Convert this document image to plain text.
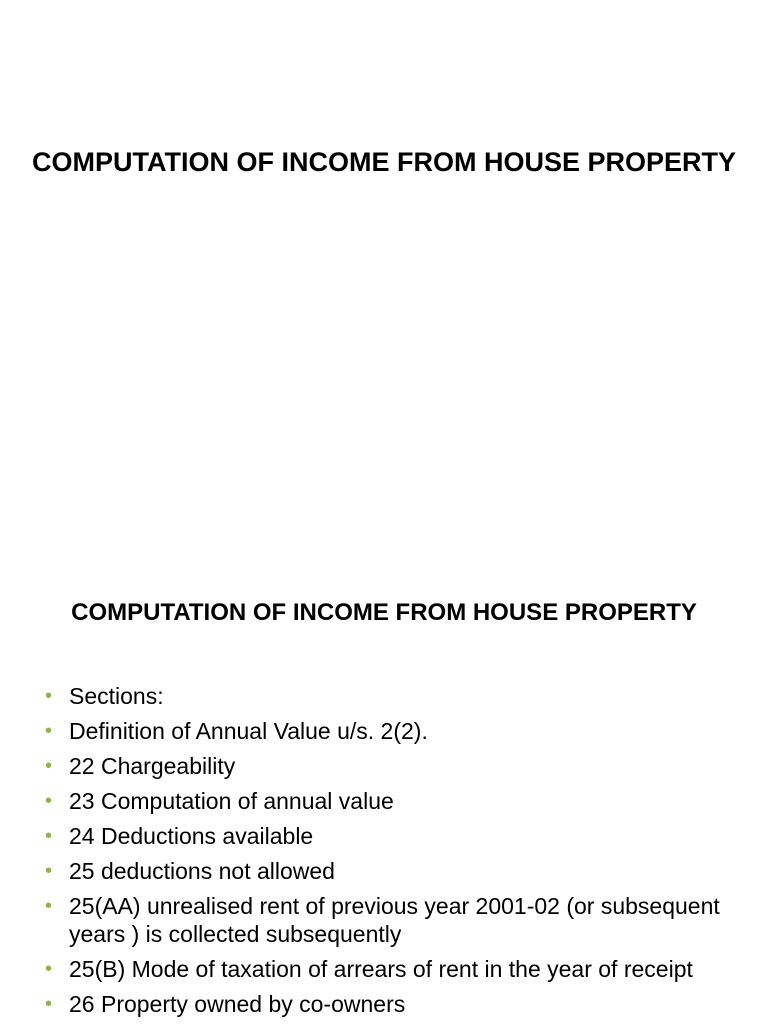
COMPUTATION OF INCOME FROM HOUSE PROPERTY
COMPUTATION OF INCOME FROM HOUSE PROPERTY
• Sections:
• Definition of Annual Value u/s. 2(2).
• 22 Chargeability
• 23 Computation of annual value
• 24 Deductions available
• 25 deductions not allowed
• 25(AA) unrealised rent of previous year 2001-02 (or subsequent years ) is collected subsequently
• 25(B) Mode of taxation of arrears of rent in the year of receipt
• 26 Property owned by co-owners
